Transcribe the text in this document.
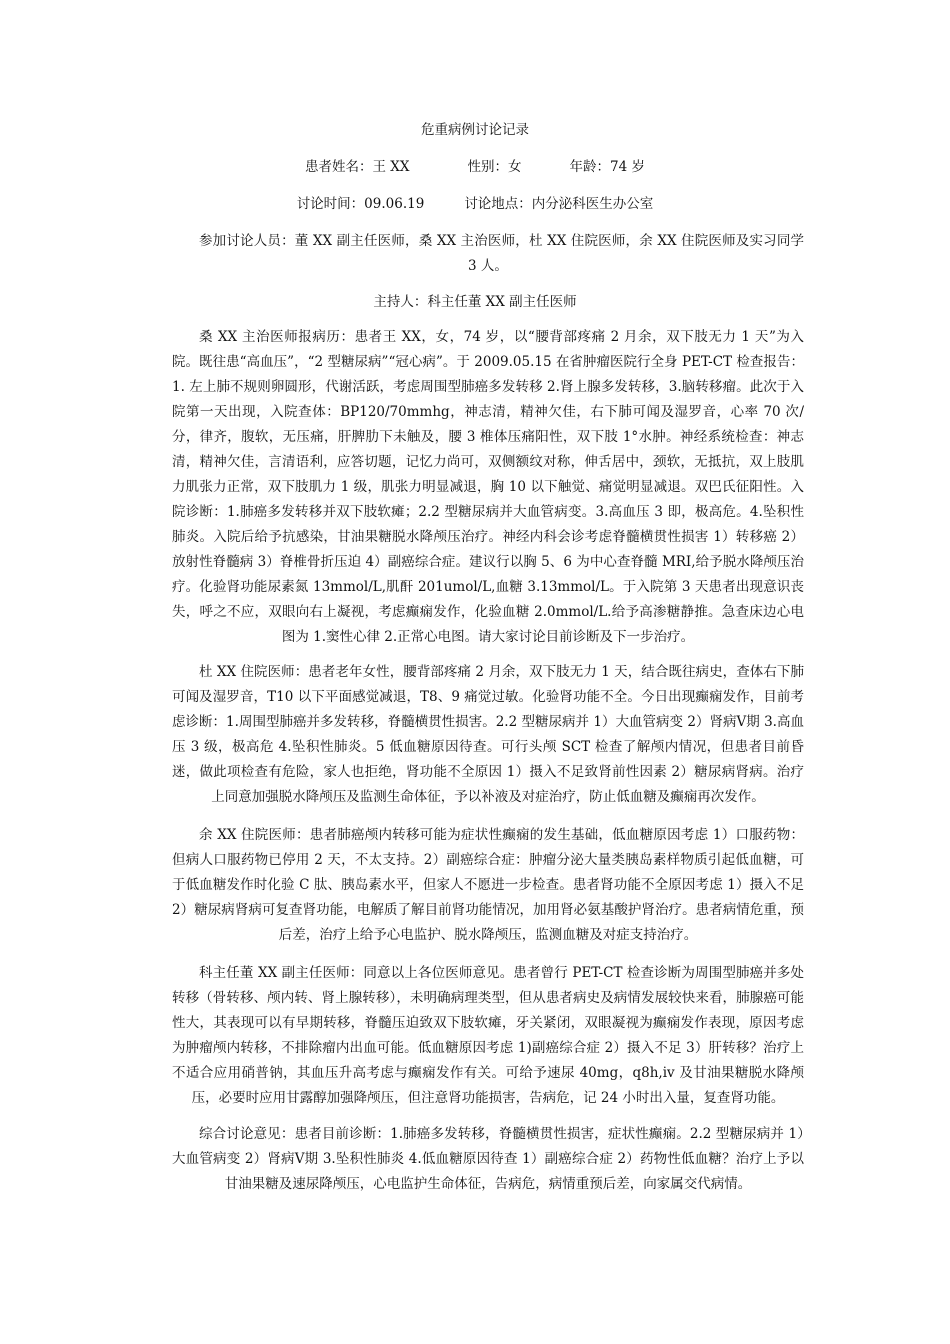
危重病例讨论记录
患者姓名：王 XX	性别：女	年龄：74 岁
讨论时间：09.06.19	讨论地点：内分泌科医生办公室

参加讨论人员：董 XX 副主任医师，桑 XX 主治医师，杜 XX 住院医师，余 XX 住院医师及实习同学 3 人。

主持人：科主任董 XX 副主任医师

桑 XX 主治医师报病历：患者王 XX，女，74 岁，以“腰背部疼痛 2 月余，双下肢无力 1 天”为入院。既往患“高血压”，“2 型糖尿病”“冠心病”。于 2009.05.15 在省肿瘤医院行全身 PET-CT 检查报告：1. 左上肺不规则卵圆形，代谢活跃，考虑周围型肺癌多发转移 2.肾上腺多发转移，3.脑转移瘤。此次于入院第一天出现，入院查体：BP120/70mmhg，神志清，精神欠佳，右下肺可闻及湿罗音，心率 70 次/分，律齐，腹软，无压痛，肝脾肋下未触及，腰 3 椎体压痛阳性，双下肢 1°水肿。神经系统检查：神志清，精神欠佳，言清语利，应答切题，记忆力尚可，双侧额纹对称，伸舌居中，颈软，无抵抗，双上肢肌力肌张力正常，双下肢肌力 1 级，肌张力明显减退，胸 10 以下触觉、痛觉明显减退。双巴氏征阳性。入院诊断：1.肺癌多发转移并双下肢软瘫；2.2 型糖尿病并大血管病变。3.高血压 3 即，极高危。4.坠积性肺炎。入院后给予抗感染，甘油果糖脱水降颅压治疗。神经内科会诊考虑脊髓横贯性损害 1）转移癌 2）放射性脊髓病 3）脊椎骨折压迫 4）副癌综合症。建议行以胸 5、6 为中心查脊髓 MRI,给予脱水降颅压治疗。化验肾功能尿素氮 13mmol/L,肌酐 201umol/L,血糖 3.13mmol/L。于入院第 3 天患者出现意识丧失，呼之不应，双眼向右上凝视，考虑癫痫发作，化验血糖 2.0mmol/L.给予高渗糖静推。急查床边心电图为 1.窦性心律 2.正常心电图。请大家讨论目前诊断及下一步治疗。

杜 XX 住院医师：患者老年女性，腰背部疼痛 2 月余，双下肢无力 1 天，结合既往病史，查体右下肺可闻及湿罗音，T10 以下平面感觉减退，T8、9 痛觉过敏。化验肾功能不全。今日出现癫痫发作，目前考虑诊断：1.周围型肺癌并多发转移，脊髓横贯性损害。2.2 型糖尿病并 1）大血管病变 2）肾病Ⅴ期 3.高血压 3 级，极高危 4.坠积性肺炎。5 低血糖原因待查。可行头颅 SCT 检查了解颅内情况，但患者目前昏迷，做此项检查有危险，家人也拒绝，肾功能不全原因 1）摄入不足致肾前性因素 2）糖尿病肾病。治疗上同意加强脱水降颅压及监测生命体征，予以补液及对症治疗，防止低血糖及癫痫再次发作。

余 XX 住院医师：患者肺癌颅内转移可能为症状性癫痫的发生基础，低血糖原因考虑 1）口服药物：但病人口服药物已停用 2 天，不太支持。2）副癌综合症：肿瘤分泌大量类胰岛素样物质引起低血糖，可于低血糖发作时化验 C 肽、胰岛素水平，但家人不愿进一步检查。患者肾功能不全原因考虑 1）摄入不足 2）糖尿病肾病可复查肾功能，电解质了解目前肾功能情况，加用肾必氨基酸护肾治疗。患者病情危重，预后差，治疗上给予心电监护、脱水降颅压，监测血糖及对症支持治疗。

科主任董 XX 副主任医师：同意以上各位医师意见。患者曾行 PET-CT 检查诊断为周围型肺癌并多处转移（骨转移、颅内转、肾上腺转移），未明确病理类型，但从患者病史及病情发展较快来看，肺腺癌可能性大，其表现可以有早期转移，脊髓压迫致双下肢软瘫，牙关紧闭，双眼凝视为癫痫发作表现，原因考虑为肿瘤颅内转移，不排除瘤内出血可能。低血糖原因考虑 1)副癌综合症 2）摄入不足 3）肝转移？治疗上不适合应用硝普钠，其血压升高考虑与癫痫发作有关。可给予速尿 40mg，q8h,iv 及甘油果糖脱水降颅压，必要时应用甘露醇加强降颅压，但注意肾功能损害，告病危，记 24 小时出入量，复查肾功能。

综合讨论意见：患者目前诊断：1.肺癌多发转移，脊髓横贯性损害，症状性癫痫。2.2 型糖尿病并 1）大血管病变 2）肾病Ⅴ期 3.坠积性肺炎 4.低血糖原因待查 1）副癌综合症 2）药物性低血糖？治疗上予以甘油果糖及速尿降颅压，心电监护生命体征，告病危，病情重预后差，向家属交代病情。
